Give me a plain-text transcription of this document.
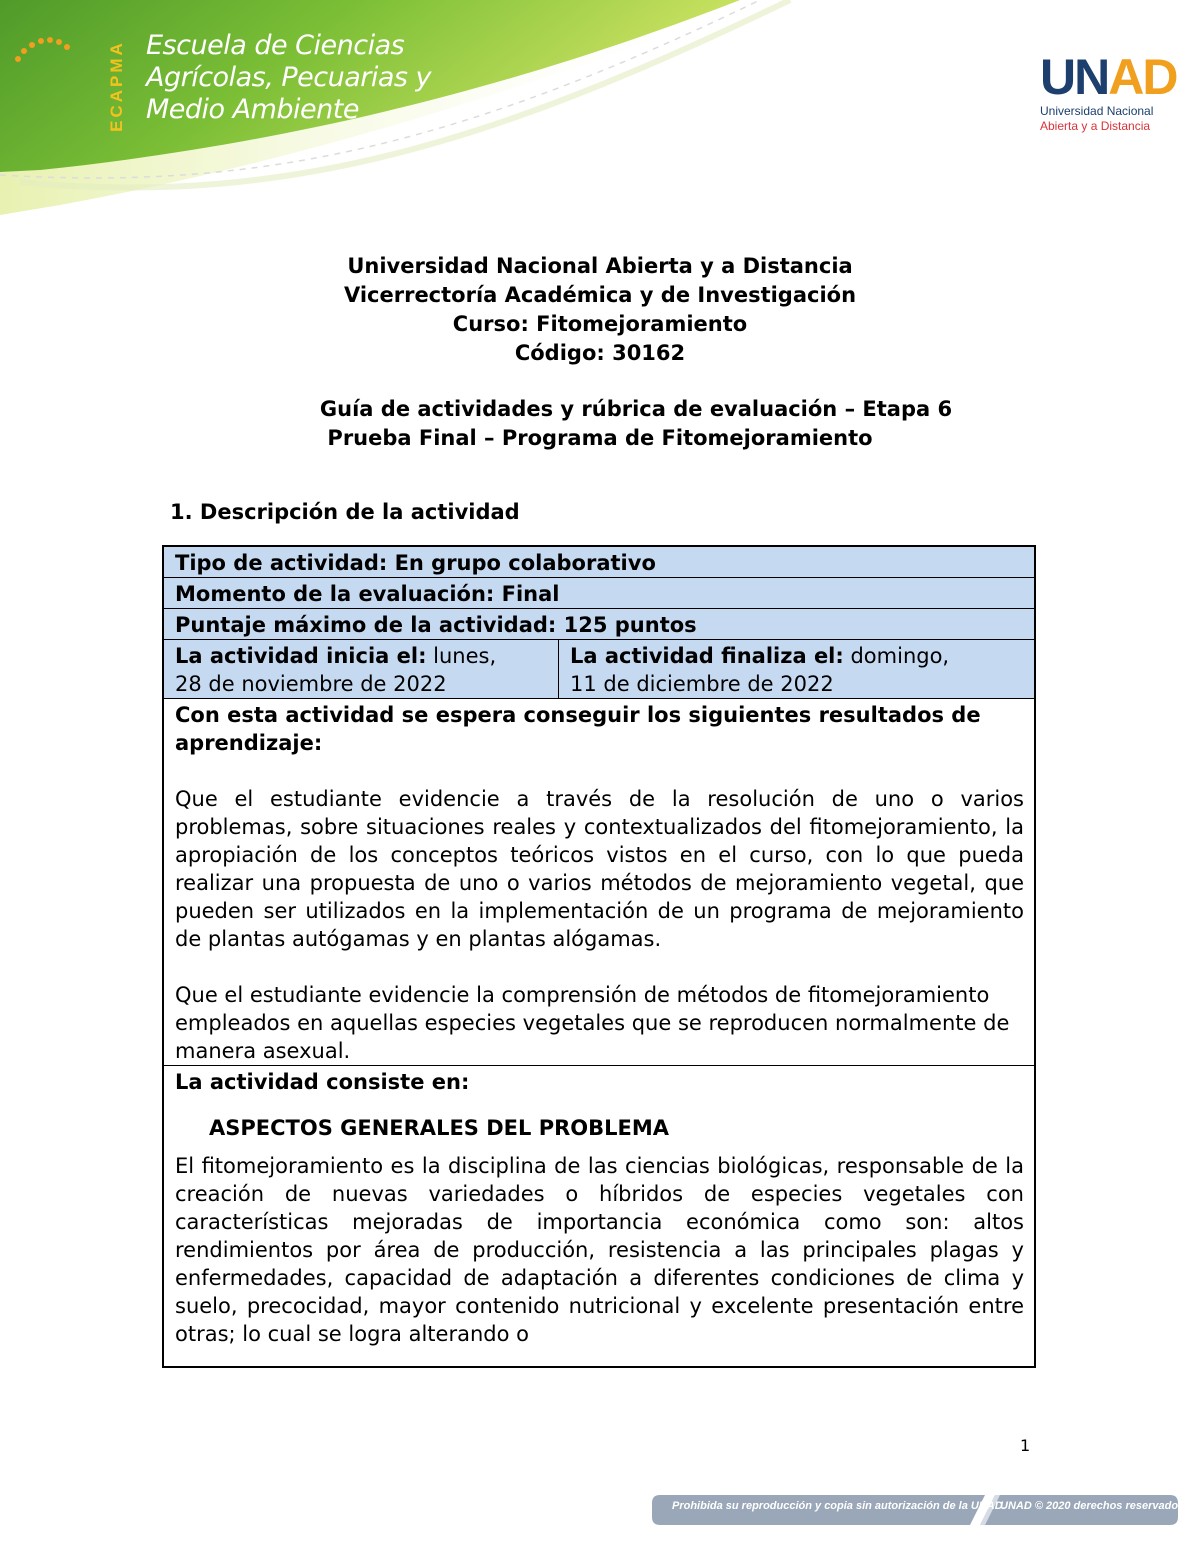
ECAPMA Escuela de Ciencias
Agrícolas, Pecuarias y
Medio Ambiente
UNAD
Universidad Nacional
Abierta y a Distancia
Universidad Nacional Abierta y a Distancia
Vicerrectoría Académica y de Investigación
Curso: Fitomejoramiento
Código: 30162
Guía de actividades y rúbrica de evaluación – Etapa 6
Prueba Final – Programa de Fitomejoramiento
1. Descripción de la actividad
Tipo de actividad: En grupo colaborativo
Momento de la evaluación: Final
Puntaje máximo de la actividad: 125 puntos
La actividad inicia el: lunes,
28 de noviembre de 2022
La actividad finaliza el: domingo,
11 de diciembre de 2022
Con esta actividad se espera conseguir los siguientes resultados de aprendizaje:
Que el estudiante evidencie a través de la resolución de uno o varios problemas, sobre situaciones reales y contextualizados del fitomejoramiento, la apropiación de los conceptos teóricos vistos en el curso, con lo que pueda realizar una propuesta de uno o varios métodos de mejoramiento vegetal, que pueden ser utilizados en la implementación de un programa de mejoramiento de plantas autógamas y en plantas alógamas.
Que el estudiante evidencie la comprensión de métodos de fitomejoramiento empleados en aquellas especies vegetales que se reproducen normalmente de manera asexual.
La actividad consiste en:
ASPECTOS GENERALES DEL PROBLEMA
El fitomejoramiento es la disciplina de las ciencias biológicas, responsable de la creación de nuevas variedades o híbridos de especies vegetales con características mejoradas de importancia económica como son: altos rendimientos por área de producción, resistencia a las principales plagas y enfermedades, capacidad de adaptación a diferentes condiciones de clima y suelo, precocidad, mayor contenido nutricional y excelente presentación entre otras; lo cual se logra alterando o
1
Prohibida su reproducción y copia sin autorización de la UNAD.
UNAD © 2020 derechos reservados.
